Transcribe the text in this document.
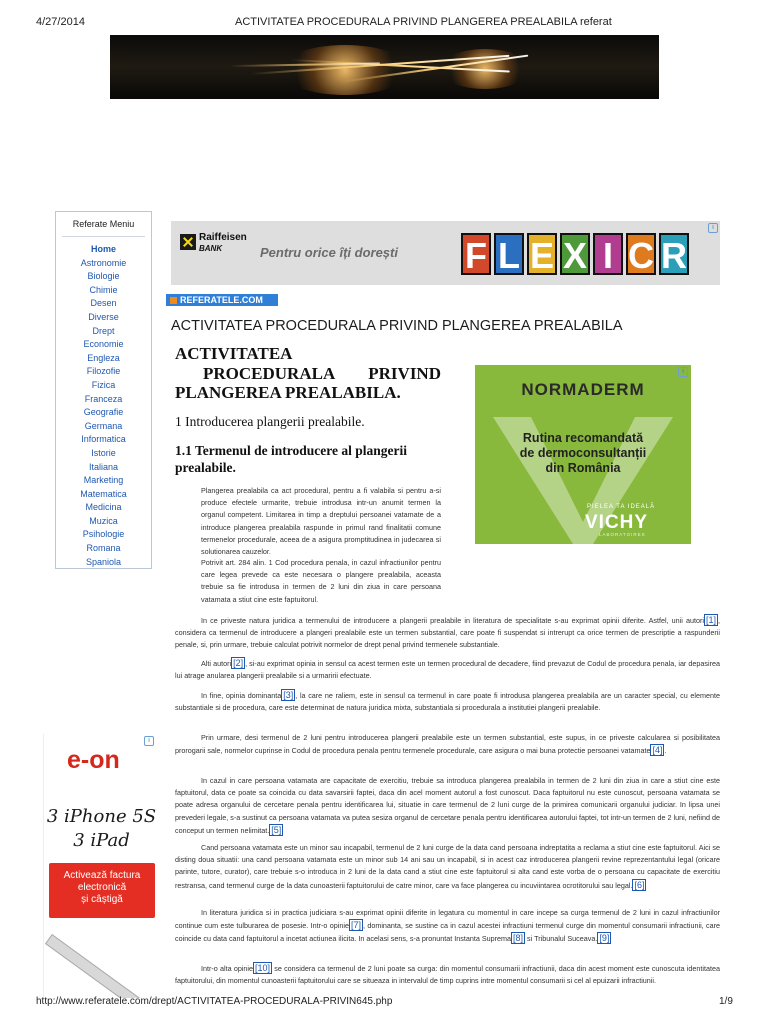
4/27/2014	ACTIVITATEA PROCEDURALA PRIVIND PLANGEREA PREALABILA referat
Referate Meniu
Home
Astronomie
Biologie
Chimie
Desen
Diverse
Drept
Economie
Engleza
Filozofie
Fizica
Franceza
Geografie
Germana
Informatica
Istorie
Italiana
Marketing
Matematica
Medicina
Muzica
Psihologie
Romana
Spaniola
Raiffeisen
BANK	Pentru orice îți dorești F L E X I C R
i
REFERATELE.COM
ACTIVITATEA PROCEDURALA PRIVIND PLANGEREA PREALABILA
ACTIVITATEA
PROCEDURALA PRIVIND
PLANGEREA PREALABILA.
1 Introducerea plangerii prealabile.
1.1 Termenul de introducere al plangerii prealabile.
Plangerea prealabila ca act procedural, pentru a fi valabila si pentru a-si produce efectele urmarite, trebuie introdusa intr-un anumit termen la organul competent. Limitarea in timp a dreptului persoanei vatamate de a introduce plangerea prealabila raspunde in primul rand finalitatii comune termenelor procedurale, aceea de a asigura promptitudinea in judecarea si solutionarea cauzelor.
Potrivit art. 284 alin. 1 Cod procedura penala, in cazul infractiunilor pentru care legea prevede ca este necesara o plangere prealabila, aceasta trebuie sa fie introdusa in termen de 2 luni din ziua in care persoana vatamata a stiut cine este faptuitorul.
In ce priveste natura juridica a termenului de introducere a plangerii prealabile in literatura de specialitate s-au exprimat opinii diferite. Astfel, unii autori [1] , considera ca termenul de introducere a plangeri prealabile este un termen substantial, care poate fi suspendat si intrerupt ca orice termen de prescriptie a raspunderii penale, si, prin urmare, trebuie calculat potrivit normelor de drept penal privind termenele substantiale.
Alti autori [2] , si-au exprimat opinia in sensul ca acest termen este un termen procedural de decadere, fiind prevazut de Codul de procedura penala, iar depasirea lui atrage anularea plangerii prealabile si a urmaririi efectuate.
In fine, opinia dominanta [3] , la care ne raliem, este in sensul ca termenul in care poate fi introdusa plangerea prealabila are un caracter special, cu elemente substantiale si de procedura, care este determinat de natura juridica mixta, substantiala si procedurala a institutiei plangerii prealabile.
Prin urmare, desi termenul de 2 luni pentru introducerea plangerii prealabile este un termen substantial, este supus, in ce priveste calcularea si posibilitatea prorogarii sale, normelor cuprinse in Codul de procedura penala pentru termenele procedurale, care asigura o mai buna protectie persoanei vatamate [4] .
In cazul in care persoana vatamata are capacitate de exercitiu, trebuie sa introduca plangerea prealabila in termen de 2 luni din ziua in care a stiut cine este faptuitorul, data ce poate sa coincida cu data savarsirii faptei, daca din acel moment autorul a fost cunoscut. Daca faptuitorul nu este cunoscut, persoana vatamata se poate adresa organului de cercetare penala pentru identificarea lui, situatie in care termenul de 2 luni curge de la primirea comunicarii organului judiciar. In lipsa unei prevederi legale, s-a sustinut ca persoana vatamata va putea sesiza organul de cercetare penala pentru identificarea autorului faptei, tot intr-un termen de 2 luni, nefiind de conceput un termen nelimitat. [5]
Cand persoana vatamata este un minor sau incapabil, termenul de 2 luni curge de la data cand persoana indreptatita a reclama a stiut cine este faptuitorul. Aici se disting doua situatii: una cand persoana vatamata este un minor sub 14 ani sau un incapabil, si in acest caz introducerea plangerii revine reprezentantului legal (oricare parinte, tutore, curator), care trebuie s-o introduca in 2 luni de la data cand a stiut cine este faptuitorul si alta cand este vorba de o persoana cu capacitate de exercitiu restransa, cand termenul curge de la data cunoasterii faptuitorului de catre minor, care va face plangerea cu incuviintarea ocrotitorului sau legal. [6]
In literatura juridica si in practica judiciara s-au exprimat opinii diferite in legatura cu momentul in care incepe sa curga termenul de 2 luni in cazul infractiunilor continue cum este tulburarea de posesie. Intr-o opinie [7] , dominanta, se sustine ca in cazul acestei infractiuni termenul curge din momentul consumarii infractiunii, care coincide cu data cand faptuitorul a incetat actiunea ilicita. In acelasi sens, s-a pronuntat Instanta Suprema [8] si Tribunalul Suceava. [9]
Intr-o alta opinie [10] se considera ca termenul de 2 luni poate sa curga: din momentul consumarii infractiunii, daca din acest moment este cunoscuta identitatea faptuitorului, din momentul cunoasterii faptuitorului care se situeaza in intervalul de timp cuprins intre momentul consumarii si cel al epuizarii infractiunii.
NORMADERM
Rutina recomandată
de dermoconsultanții
din România
PIELEA TA IDEALĂ
VICHY
LABORATOIRES
i
e-on
3 iPhone 5S
3 iPad
Activează factura
electronică
și câștigă
i
http://www.referatele.com/drept/ACTIVITATEA-PROCEDURALA-PRIVIN645.php	1/9
